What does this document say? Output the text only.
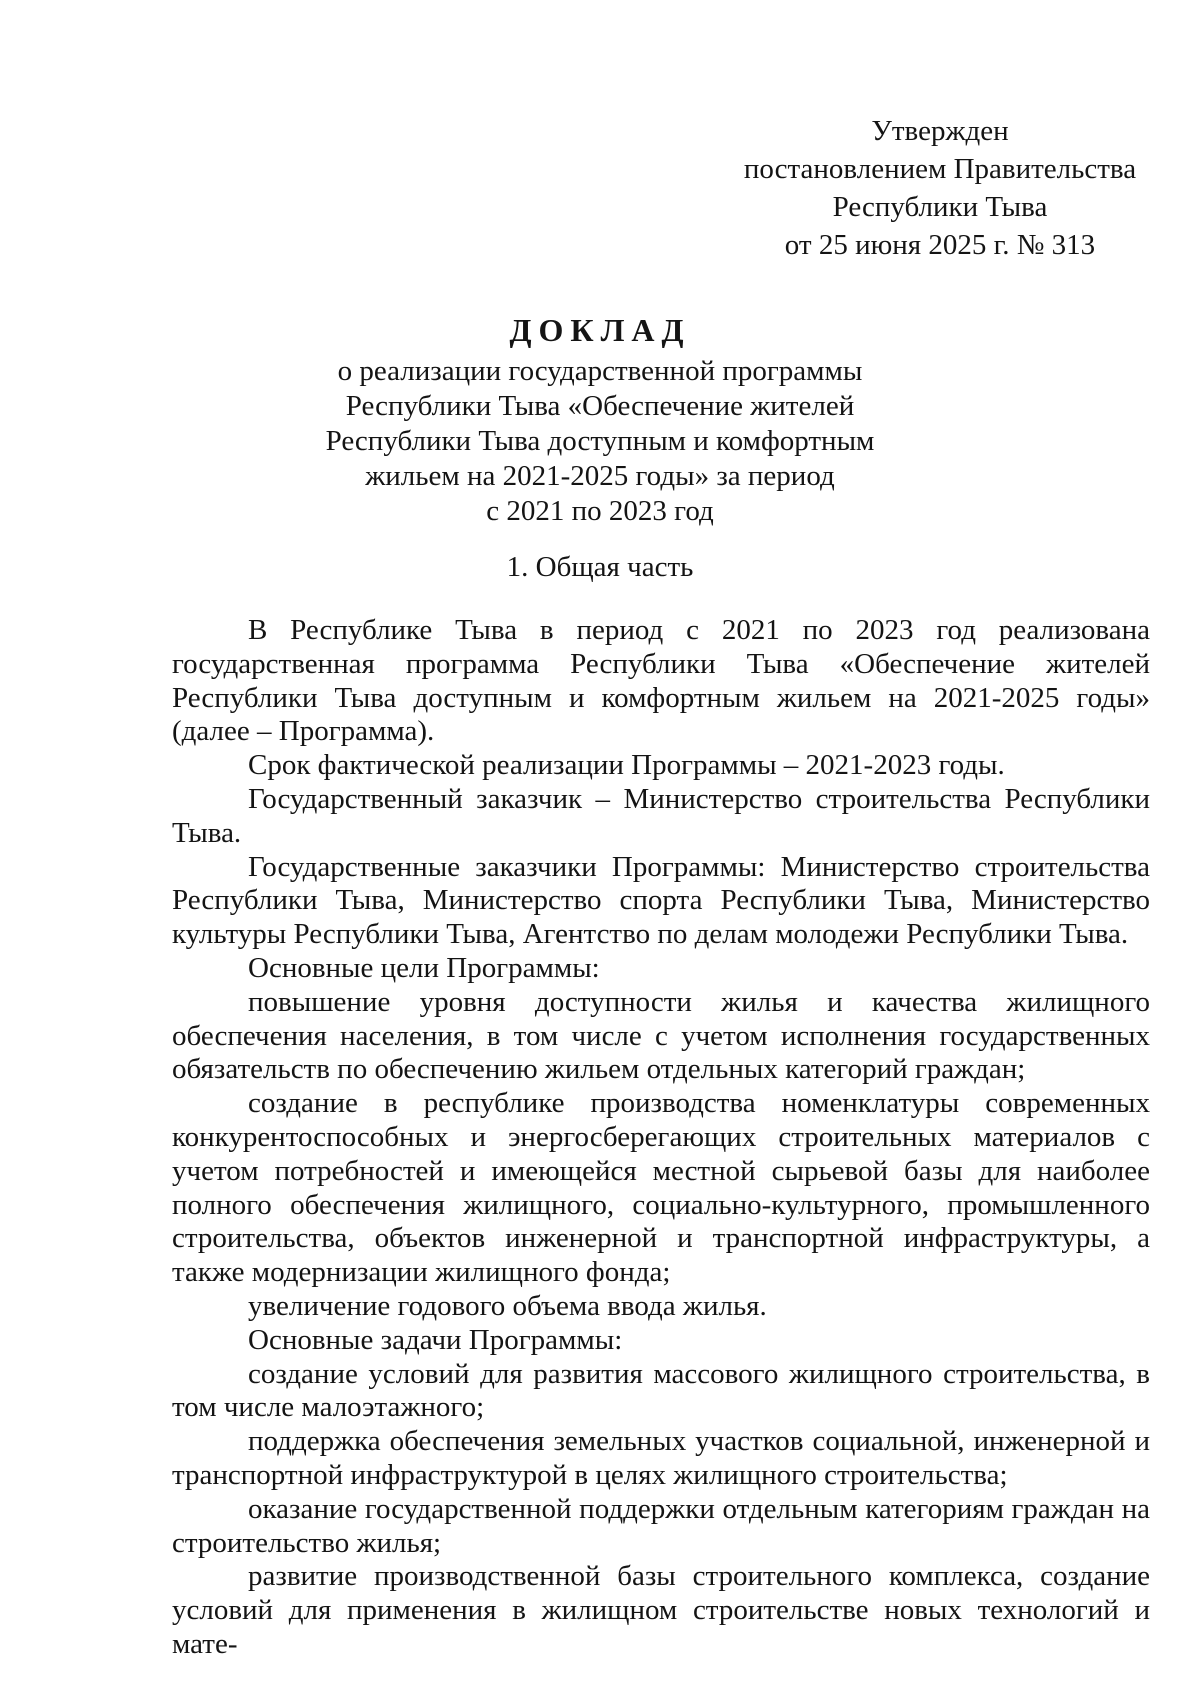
Утвержден
постановлением Правительства
Республики Тыва
от 25 июня 2025 г. № 313
ДОКЛАД
о реализации государственной программы
Республики Тыва «Обеспечение жителей
Республики Тыва доступным и комфортным
жильем на 2021-2025 годы» за период
с 2021 по 2023 год
1. Общая часть

В Республике Тыва в период с 2021 по 2023 год реализована государственная программа Республики Тыва «Обеспечение жителей Республики Тыва доступным и комфортным жильем на 2021-2025 годы» (далее – Программа).

Срок фактической реализации Программы – 2021-2023 годы.

Государственный заказчик – Министерство строительства Республики Тыва.

Государственные заказчики Программы: Министерство строительства Республики Тыва, Министерство спорта Республики Тыва, Министерство культуры Республики Тыва, Агентство по делам молодежи Республики Тыва.

Основные цели Программы:

повышение уровня доступности жилья и качества жилищного обеспечения населения, в том числе с учетом исполнения государственных обязательств по обеспечению жильем отдельных категорий граждан;

создание в республике производства номенклатуры современных конкурентоспособных и энергосберегающих строительных материалов с учетом потребностей и имеющейся местной сырьевой базы для наиболее полного обеспечения жилищного, социально-культурного, промышленного строительства, объектов инженерной и транспортной инфраструктуры, а также модернизации жилищного фонда;

увеличение годового объема ввода жилья.

Основные задачи Программы:

создание условий для развития массового жилищного строительства, в том числе малоэтажного;

поддержка обеспечения земельных участков социальной, инженерной и транспортной инфраструктурой в целях жилищного строительства;

оказание государственной поддержки отдельным категориям граждан на строительство жилья;

развитие производственной базы строительного комплекса, создание условий для применения в жилищном строительстве новых технологий и мате-
